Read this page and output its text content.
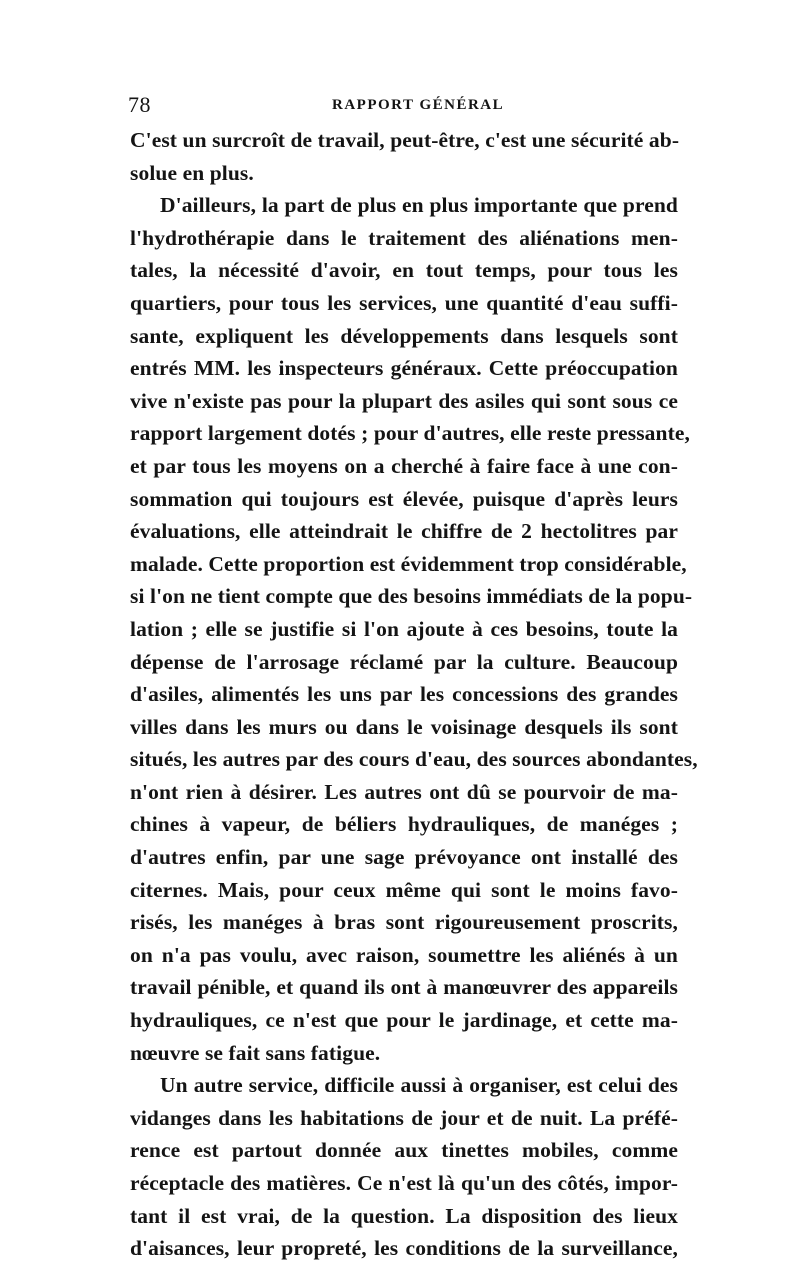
78	RAPPORT GÉNÉRAL
C'est un surcroît de travail, peut-être, c'est une sécurité ab-
solue en plus.
D'ailleurs, la part de plus en plus importante que prend
l'hydrothérapie dans le traitement des aliénations men-
tales, la nécessité d'avoir, en tout temps, pour tous les
quartiers, pour tous les services, une quantité d'eau suffi-
sante, expliquent les développements dans lesquels sont
entrés MM. les inspecteurs généraux. Cette préoccupation
vive n'existe pas pour la plupart des asiles qui sont sous ce
rapport largement dotés ; pour d'autres, elle reste pressante,
et par tous les moyens on a cherché à faire face à une con-
sommation qui toujours est élevée, puisque d'après leurs
évaluations, elle atteindrait le chiffre de 2 hectolitres par
malade. Cette proportion est évidemment trop considérable,
si l'on ne tient compte que des besoins immédiats de la popu-
lation ; elle se justifie si l'on ajoute à ces besoins, toute la
dépense de l'arrosage réclamé par la culture. Beaucoup
d'asiles, alimentés les uns par les concessions des grandes
villes dans les murs ou dans le voisinage desquels ils sont
situés, les autres par des cours d'eau, des sources abondantes,
n'ont rien à désirer. Les autres ont dû se pourvoir de ma-
chines à vapeur, de béliers hydrauliques, de manéges ;
d'autres enfin, par une sage prévoyance ont installé des
citernes. Mais, pour ceux même qui sont le moins favo-
risés, les manéges à bras sont rigoureusement proscrits,
on n'a pas voulu, avec raison, soumettre les aliénés à un
travail pénible, et quand ils ont à manœuvrer des appareils
hydrauliques, ce n'est que pour le jardinage, et cette ma-
nœuvre se fait sans fatigue.
Un autre service, difficile aussi à organiser, est celui des
vidanges dans les habitations de jour et de nuit. La préfé-
rence est partout donnée aux tinettes mobiles, comme
réceptacle des matières. Ce n'est là qu'un des côtés, impor-
tant il est vrai, de la question. La disposition des lieux
d'aisances, leur propreté, les conditions de la surveillance,
